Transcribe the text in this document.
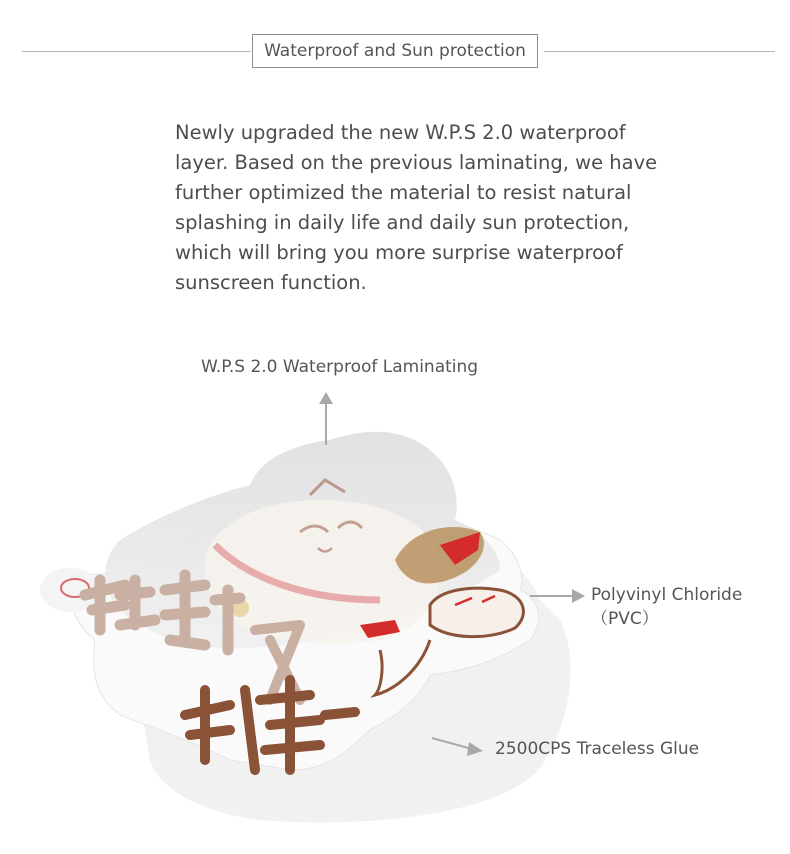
Waterproof and Sun protection

Newly upgraded the new W.P.S 2.0 waterproof layer. Based on the previous laminating, we have further optimized the material to resist natural splashing in daily life and daily sun protection, which will bring you more surprise waterproof sunscreen function.

W.P.S 2.0 Waterproof Laminating
Polyvinyl Chloride
（PVC）
2500CPS Traceless Glue
